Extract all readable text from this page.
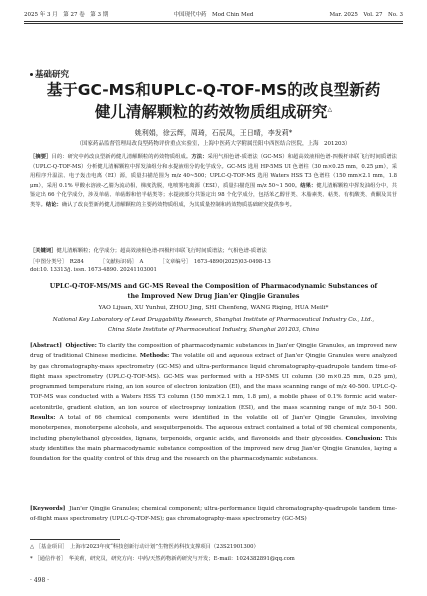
2025 年 3 月　第 27 卷　第 3 期	中国现代中药　Mod Chin Med	Mar. 2025　Vol. 27　No. 3
基础研究
基于GC-MS和UPLC-Q-TOF-MS的改良型新药
健儿清解颗粒的药效物质组成研究△
姚利娟，徐云辉，周琦，石辰凤，王日晴，李发莉*
（国家药品监督管理局改良型药物评价重点实验室，上海中医药大学附属岳阳中西医结合医院，上海　201203）
［摘要］目的：研究中药改良型新药健儿清解颗粒的药效物质组成。方法：采用气相色谱-质谱法（GC-MS）和超高效液相色谱-四极杆串联飞行时间质谱法（UPLC-Q-TOF-MS）分析健儿清解颗粒中挥发油组分和水提液组分的化学成分。GC-MS 选用 HP-5MS UI 色谱柱（30 m×0.25 mm，0.25 μm），采用程序升温法、电子轰击电离（EI）源，质量扫描范围为 m/z 40~500；UPLC-Q-TOF-MS 选用 Waters HSS T3 色谱柱（150 mm×2.1 mm，1.8 μm），采用 0.1% 甲酸水溶液-乙腈为流动相，梯度洗脱，电喷雾电离源（ESI），质量扫描范围 m/z 50~1 500。结果：健儿清解颗粒中挥发油组分中，共鉴定出 66 个化学成分，涉及单萜、单萜醇和倍半萜类等；水提液部分共鉴定出 98 个化学成分，包括苯乙醇苷类、木脂素类、萜类、有机酸类、黄酮及其苷类等。结论：确认了改良型新药健儿清解颗粒的主要药效物质组成，为其质量控制和药效物质基础研究提供参考。
［关键词］健儿清解颗粒；化学成分；超高效液相色谱-四极杆串联飞行时间质谱法；气相色谱-质谱法
［中图分类号］　R284	［文献标识码］　A	［文章编号］　1673-4890(2025)03-0498-13
doi:10. 13313/j. issn. 1673-4890. 20241103001
UPLC-Q-TOF-MS/MS and GC-MS Reveal the Composition of Pharmacodynamic Substances of
the Improved New Drug Jian'er Qingjie Granules
YAO Lijuan, XU Yunhui, ZHOU Jing, SHI Chenfeng, WANG Riqing, HUA Meili*
National Key Laboratory of Lead Druggability Research, Shanghai Institute of Pharmaceutical Industry Co., Ltd.,
China State Institute of Pharmaceutical Industry, Shanghai 201203, China
[Abstract] Objective: To clarify the composition of pharmacodynamic substances in Jian'er Qingjie Granules, an improved new drug of traditional Chinese medicine. Methods: The volatile oil and aqueous extract of Jian'er Qingjie Granules were analyzed by gas chromatography-mass spectrometry (GC-MS) and ultra-performance liquid chromatography-quadrupole tandem time-of-flight mass spectrometry (UPLC-Q-TOF-MS). GC-MS was performed with a HP-5MS UI column (30 m×0.25 mm, 0.25 μm), programmed temperature rising, an ion source of electron ionization (EI), and the mass scanning range of m/z 40-500. UPLC-Q-TOF-MS was conducted with a Waters HSS T3 column (150 mm×2.1 mm, 1.8 μm), a mobile phase of 0.1% formic acid water-acetonitrile, gradient elution, an ion source of electrospray ionization (ESI), and the mass scanning range of m/z 50-1 500. Results: A total of 66 chemical components were identified in the volatile oil of Jian'er Qingjie Granules, involving monoterpenes, monoterpene alcohols, and sesquiterpenoids. The aqueous extract contained a total of 98 chemical components, including phenylethanol glycosides, lignans, terpenoids, organic acids, and flavonoids and their glycosides. Conclusion: This study identifies the main pharmacodynamic substance composition of the improved new drug Jian'er Qingjie Granules, laying a foundation for the quality control of this drug and the research on the pharmacodynamic substances.
[Keywords] Jian'er Qingjie Granules; chemical component; ultra-performance liquid chromatography-quadrupole tandem time-of-flight mass spectrometry (UPLC-Q-TOF-MS); gas chromatography-mass spectrometry (GC-MS)
△ ［基金项目］　上海市2023年度“科技创新行动计划”生物医药科技支撑项目（23S21901300）
* ［通信作者］　华美莉，研究员，研究方向：中药/天然药物新药研究与开发；E-mail：1024382891@qq.com
· 498 ·
